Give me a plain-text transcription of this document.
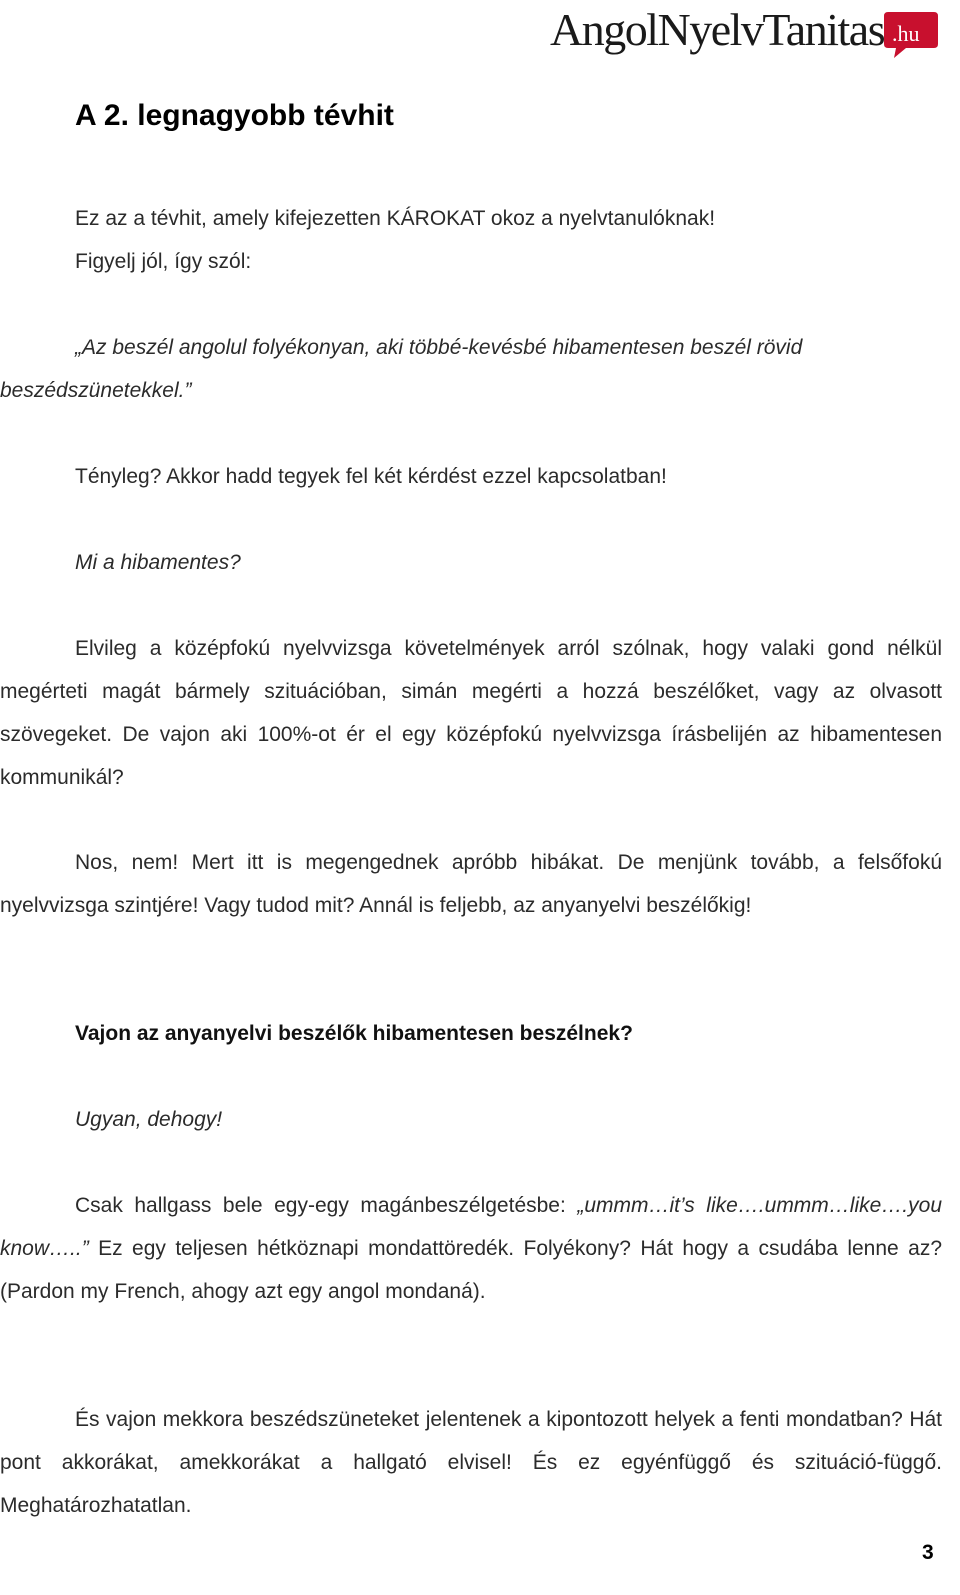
AngolNyelvTanitas .hu
A 2. legnagyobb tévhit

Ez az a tévhit, amely kifejezetten KÁROKAT okoz a nyelvtanulóknak!

Figyelj jól, így szól:

„Az beszél angolul folyékonyan, aki többé-kevésbé hibamentesen beszél rövid beszédszünetekkel.”

Tényleg? Akkor hadd tegyek fel két kérdést ezzel kapcsolatban!

Mi a hibamentes?

Elvileg a középfokú nyelvvizsga követelmények arról szólnak, hogy valaki gond nélkül megérteti magát bármely szituációban, simán megérti a hozzá beszélőket, vagy az olvasott szövegeket. De vajon aki 100%-ot ér el egy középfokú nyelvvizsga írásbelijén az hibamentesen kommunikál?

Nos, nem! Mert itt is megengednek apróbb hibákat. De menjünk tovább, a felsőfokú nyelvvizsga szintjére! Vagy tudod mit? Annál is feljebb, az anyanyelvi beszélőkig!

Vajon az anyanyelvi beszélők hibamentesen beszélnek?

Ugyan, dehogy!

Csak hallgass bele egy-egy magánbeszélgetésbe: „ummm…it’s like….ummm…like….you know…..” Ez egy teljesen hétköznapi mondattöredék. Folyékony? Hát hogy a csudába lenne az? (Pardon my French, ahogy azt egy angol mondaná).

És vajon mekkora beszédszüneteket jelentenek a kipontozott helyek a fenti mondatban? Hát pont akkorákat, amekkorákat a hallgató elvisel! És ez egyénfüggő és szituáció-függő. Meghatározhatatlan.

3
